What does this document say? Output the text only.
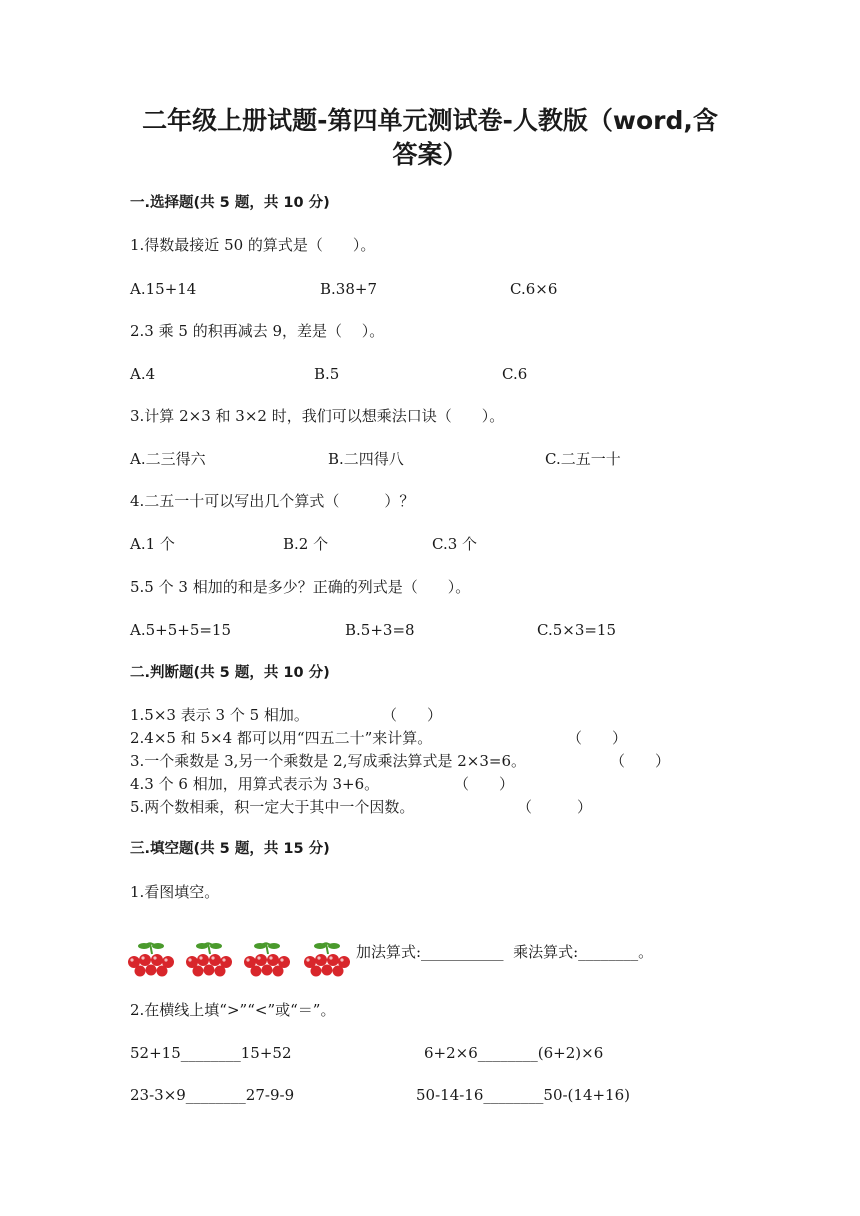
二年级上册试题-第四单元测试卷-人教版（word,含
答案）
一.选择题(共 5 题，共 10 分)
1.得数最接近 50 的算式是（　　）。
A.15+14	B.38+7	C.6×6
2.3 乘 5 的积再减去 9，差是（　 ）。
A.4	B.5	C.6
3.计算 2×3 和 3×2 时，我们可以想乘法口诀（　　）。
A.二三得六	B.二四得八	C.二五一十
4.二五一十可以写出几个算式（　　　）？
A.1 个	B.2 个	C.3 个
5.5 个 3 相加的和是多少？正确的列式是（　　）。
A.5+5+5=15	B.5+3=8	C.5×3=15
二.判断题(共 5 题，共 10 分)
1.5×3 表示 3 个 5 相加。	（　　）
2.4×5 和 5×4 都可以用“四五二十”来计算。	（　　）
3.一个乘数是 3,另一个乘数是 2,写成乘法算式是 2×3=6。	（　　）
4.3 个 6 相加，用算式表示为 3+6。	（　　）
5.两个数相乘，积一定大于其中一个因数。	（　　　）
三.填空题(共 5 题，共 15 分)
1.看图填空。
加法算式:___________  乘法算式:________。
2.在横线上填“>”“<”或“＝”。
52+15________15+52	6+2×6________(6+2)×6
23-3×9________27-9-9	50-14-16________50-(14+16)
